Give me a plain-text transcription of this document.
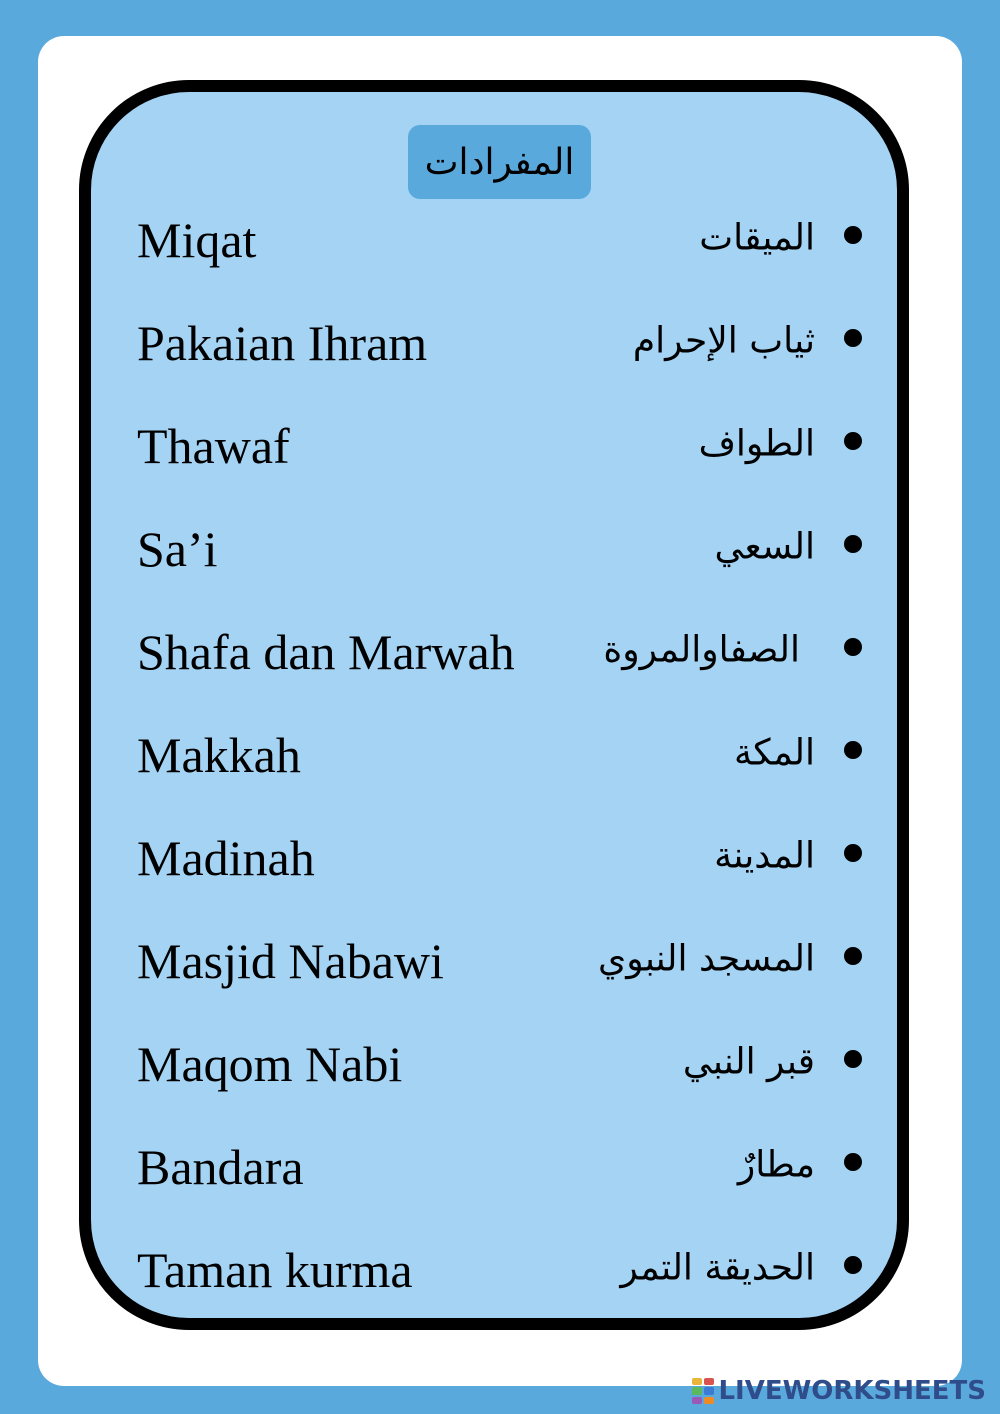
المفرادات
Miqat	الميقات
Pakaian Ihram	ثياب الإحرام
Thawaf	الطواف
Sa’i	السعي
Shafa dan Marwah الصفاوالمروة
Makkah	المكة
Madinah	المدينة
Masjid Nabawi	المسجد النبوي
Maqom Nabi	قبر النبي
Bandara	مطارٌ
Taman kurma	الحديقة التمر
LIVEWORKSHEETS
